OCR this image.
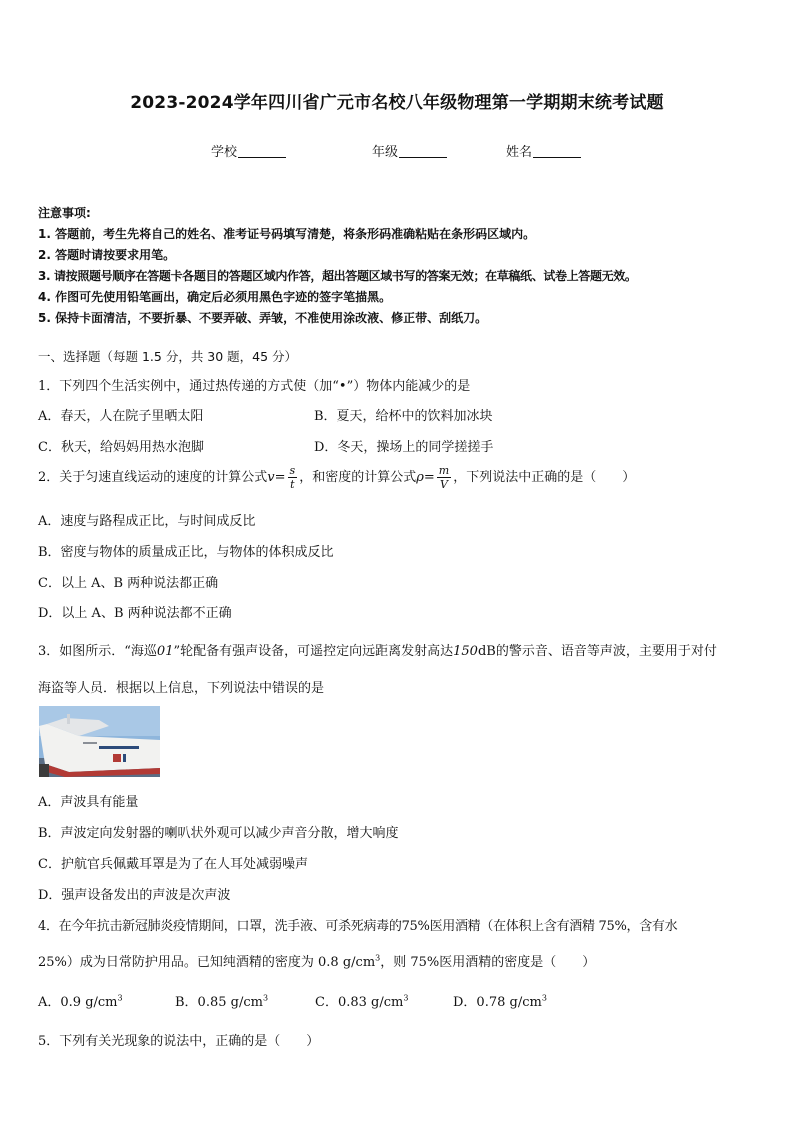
2023-2024学年四川省广元市名校八年级物理第一学期期末统考试题
学校	年级	姓名
注意事项:
1. 答题前，考生先将自己的姓名、准考证号码填写清楚，将条形码准确粘贴在条形码区域内。
2. 答题时请按要求用笔。
3. 请按照题号顺序在答题卡各题目的答题区域内作答，超出答题区域书写的答案无效；在草稿纸、试卷上答题无效。
4. 作图可先使用铅笔画出，确定后必须用黑色字迹的签字笔描黑。
5. 保持卡面清洁，不要折暴、不要弄破、弄皱，不准使用涂改液、修正带、刮纸刀。
一、选择题（每题 1.5 分，共 30 题，45 分）
1．下列四个生活实例中，通过热传递的方式使（加“•”）物体内能减少的是
A．春天，人在院子里晒太阳	B．夏天，给杯中的饮料加冰块
C．秋天，给妈妈用热水泡脚	D．冬天，操场上的同学搓搓手
2．关于匀速直线运动的速度的计算公式$v= \frac{s}{t}$ ，和密度的计算公式$\rho= \frac{m}{V}$ ，下列说法中正确的是（　　）
A．速度与路程成正比，与时间成反比
B．密度与物体的质量成正比，与物体的体积成反比
C．以上 A、B 两种说法都正确
D．以上 A、B 两种说法都不正确
3．如图所示．“海巡01”轮配备有强声设备，可遥控定向远距离发射高达150dB的警示音、语音等声波，主要用于对付
海盗等人员．根据以上信息，下列说法中错误的是
A．声波具有能量
B．声波定向发射器的喇叭状外观可以减少声音分散，增大响度
C．护航官兵佩戴耳罩是为了在人耳处减弱噪声
D．强声设备发出的声波是次声波
4．在今年抗击新冠肺炎疫情期间，口罩，洗手液、可杀死病毒的75%医用酒精（在体积上含有酒精 75%，含有水
25%）成为日常防护用品。已知纯酒精的密度为 0.8 $g/cm^3$，则 75%医用酒精的密度是（　　）
A．0.9 $g/cm^3$	B．0.85 $g/cm^3$	C．0.83 $g/cm^3$	D．0.78 $g/cm^3$
5．下列有关光现象的说法中，正确的是（　　）
